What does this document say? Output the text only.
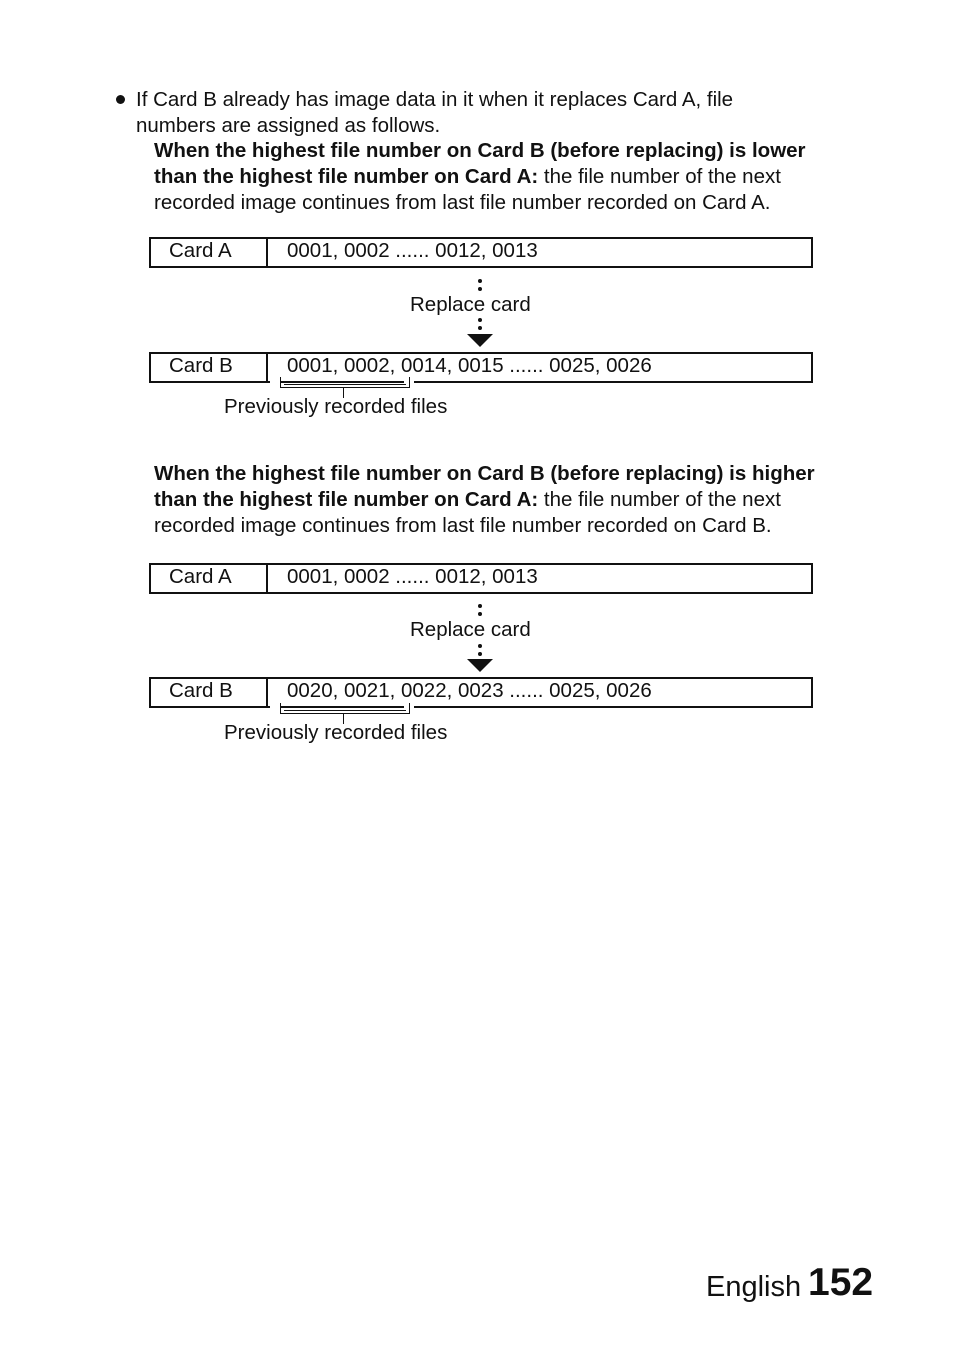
If Card B already has image data in it when it replaces Card A, file
numbers are assigned as follows.
When the highest file number on Card B (before replacing) is lower
than the highest file number on Card A: the file number of the next
recorded image continues from last file number recorded on Card A.
Card A	0001, 0002 ...... 0012, 0013
Replace card
Card B	0001, 0002, 0014, 0015 ...... 0025, 0026
Previously recorded files
When the highest file number on Card B (before replacing) is higher
than the highest file number on Card A: the file number of the next
recorded image continues from last file number recorded on Card B.
Card A	0001, 0002 ...... 0012, 0013
Replace card
Card B	0020, 0021, 0022, 0023 ...... 0025, 0026
Previously recorded files
English 152
